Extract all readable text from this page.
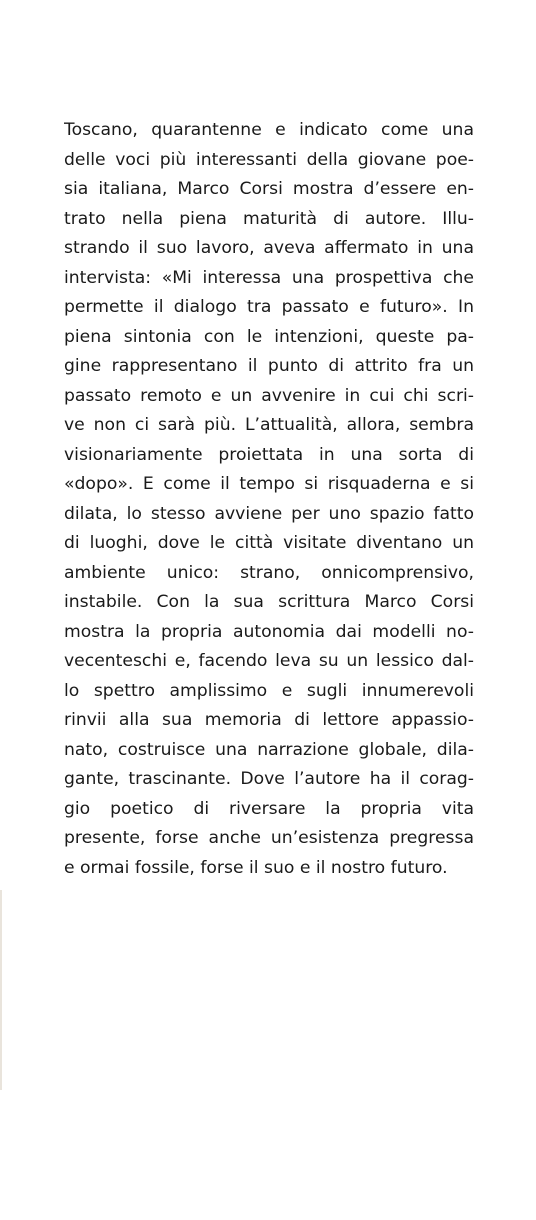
Toscano, quarantenne e indicato come una
delle voci più interessanti della giovane poe-
sia italiana, Marco Corsi mostra d’essere en-
trato nella piena maturità di autore. Illu-
strando il suo lavoro, aveva affermato in una
intervista: «Mi interessa una prospettiva che
permette il dialogo tra passato e futuro». In
piena sintonia con le intenzioni, queste pa-
gine rappresentano il punto di attrito fra un
passato remoto e un avvenire in cui chi scri-
ve non ci sarà più. L’attualità, allora, sembra
visionariamente proiettata in una sorta di
«dopo». E come il tempo si risquaderna e si
dilata, lo stesso avviene per uno spazio fatto
di luoghi, dove le città visitate diventano un
ambiente unico: strano, onnicomprensivo,
instabile. Con la sua scrittura Marco Corsi
mostra la propria autonomia dai modelli no-
vecenteschi e, facendo leva su un lessico dal-
lo spettro amplissimo e sugli innumerevoli
rinvii alla sua memoria di lettore appassio-
nato, costruisce una narrazione globale, dila-
gante, trascinante. Dove l’autore ha il corag-
gio poetico di riversare la propria vita
presente, forse anche un’esistenza pregressa
e ormai fossile, forse il suo e il nostro futuro.
